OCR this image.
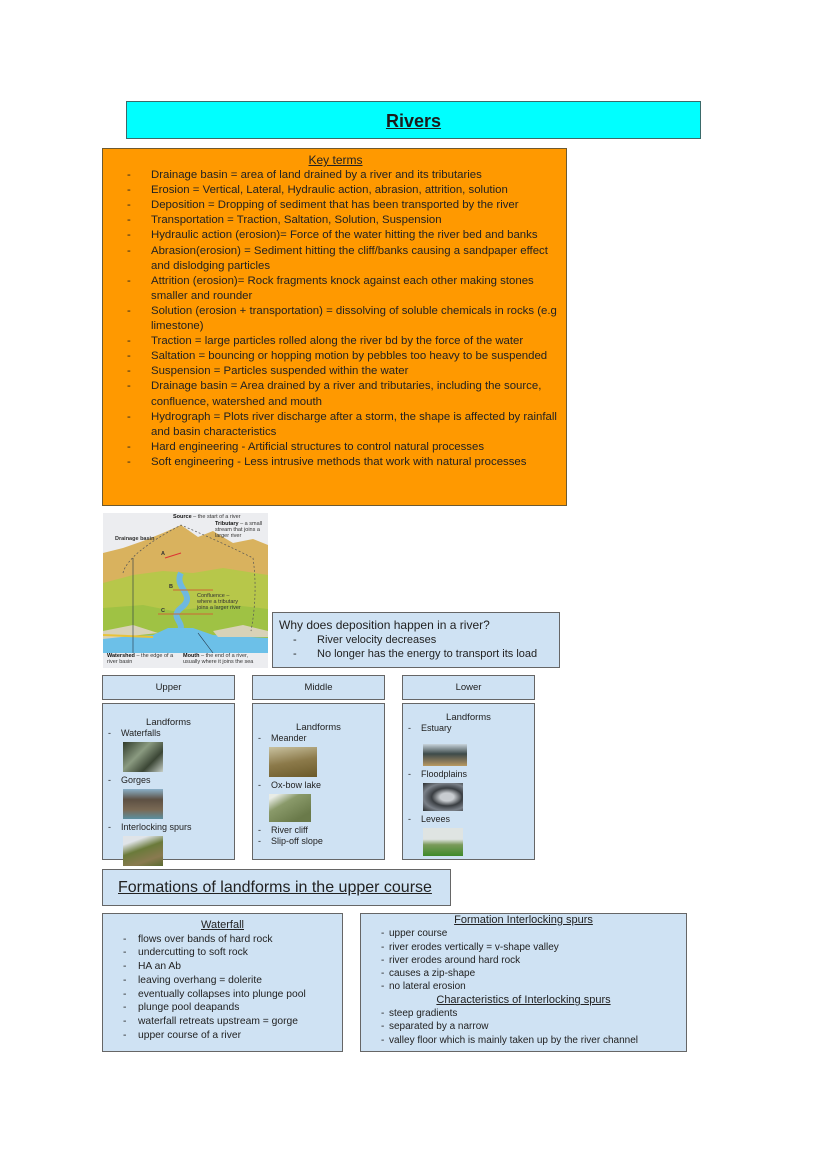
Rivers
Key terms
- Drainage basin = area of land drained by a river and its tributaries
- Erosion = Vertical, Lateral, Hydraulic action, abrasion, attrition, solution
- Deposition = Dropping of sediment that has been transported by the river
- Transportation = Traction, Saltation, Solution, Suspension
- Hydraulic action (erosion)= Force of the water hitting the river bed and banks
- Abrasion(erosion) = Sediment hitting the cliff/banks causing a sandpaper effect and dislodging particles
- Attrition (erosion)= Rock fragments knock against each other making stones smaller and rounder
- Solution (erosion + transportation) = dissolving of soluble chemicals in rocks (e.g limestone)
- Traction = large particles rolled along the river bd by the force of the water
- Saltation = bouncing or hopping motion by pebbles too heavy to be suspended
- Suspension = Particles suspended within the water
- Drainage basin = Area drained by a river and tributaries, including the source, confluence, watershed and mouth
- Hydrograph = Plots river discharge after a storm, the shape is affected by rainfall and basin characteristics
- Hard engineering - Artificial structures to control natural processes
- Soft engineering - Less intrusive methods that work with natural processes
Source – the start of a river
Tributary – a small stream that joins a larger river
Drainage basin
A
B
C
Confluence – where a tributary joins a larger river
Watershed – the edge of a river basin
Mouth – the end of a river, usually where it joins the sea
Why does deposition happen in a river?
- River velocity decreases
- No longer has the energy to transport its load
Upper	Middle	Lower
Landforms
- Waterfalls
- Gorges
- Interlocking spurs
Landforms
- Meander
- Ox-bow lake
- River cliff
- Slip-off slope
Landforms
- Estuary
- Floodplains
- Levees
Formations of landforms in the upper course
Waterfall
- flows over bands of hard rock
- undercutting to soft rock
- HA an Ab
- leaving overhang = dolerite
- eventually collapses into plunge pool
- plunge pool deapands
- waterfall retreats upstream = gorge
- upper course of a river
Formation Interlocking spurs
- upper course
- river erodes vertically = v-shape valley
- river erodes around hard rock
- causes a zip-shape
- no lateral erosion
Characteristics of Interlocking spurs
- steep gradients
- separated by a narrow
- valley floor which is mainly taken up by the river channel
